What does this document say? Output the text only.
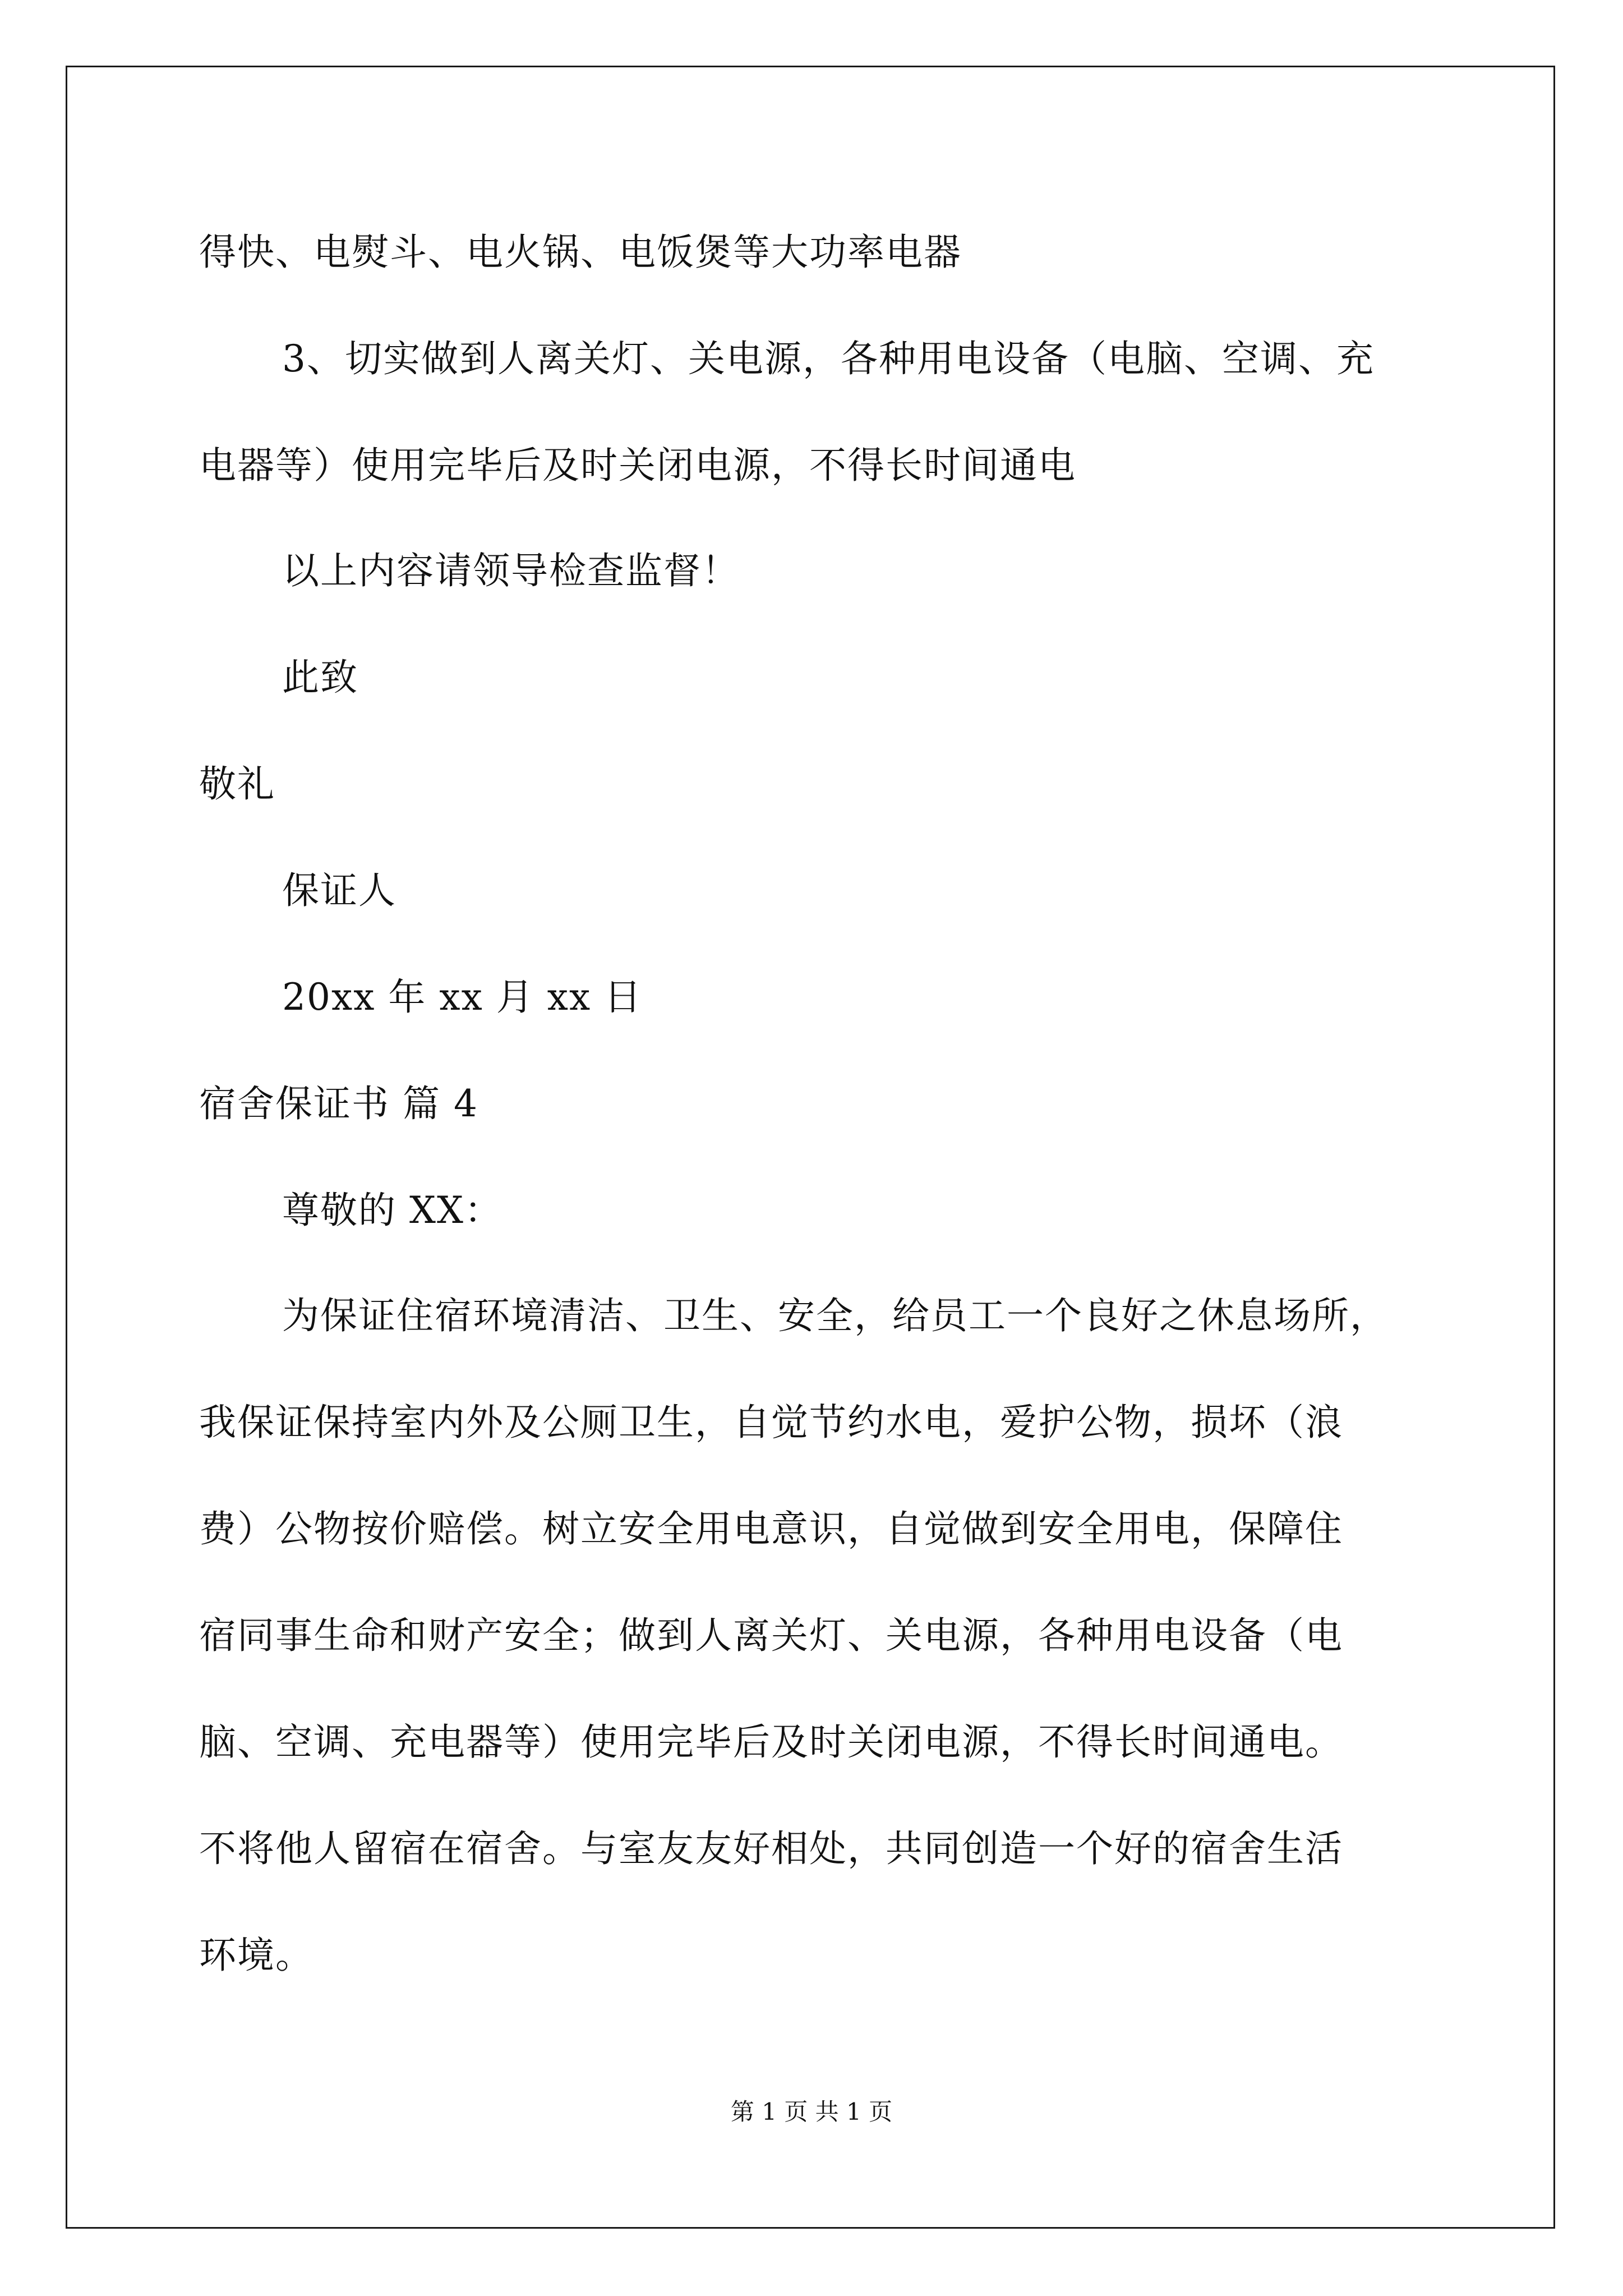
得快、电熨斗、电火锅、电饭煲等大功率电器
3、切实做到人离关灯、关电源，各种用电设备（电脑、空调、充
电器等）使用完毕后及时关闭电源，不得长时间通电
以上内容请领导检查监督！
此致
敬礼
保证人
20xx 年 xx 月 xx 日
宿舍保证书 篇 4
尊敬的 XX：
为保证住宿环境清洁、卫生、安全，给员工一个良好之休息场所，
我保证保持室内外及公厕卫生，自觉节约水电，爱护公物，损坏（浪
费）公物按价赔偿。树立安全用电意识，自觉做到安全用电，保障住
宿同事生命和财产安全；做到人离关灯、关电源，各种用电设备（电
脑、空调、充电器等）使用完毕后及时关闭电源，不得长时间通电。
不将他人留宿在宿舍。与室友友好相处，共同创造一个好的宿舍生活
环境。
第 1 页 共 1 页
